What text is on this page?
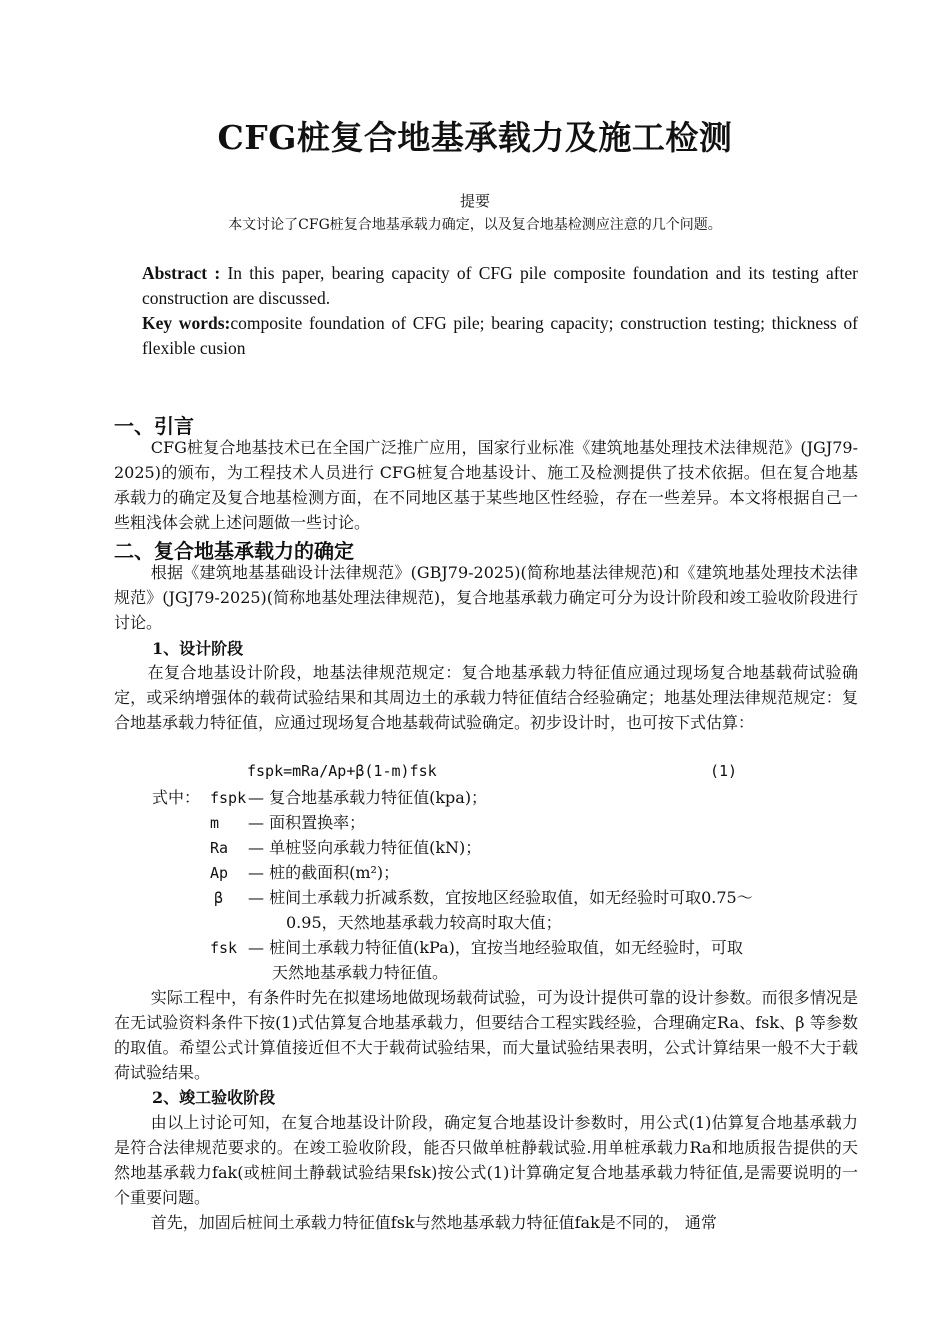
CFG桩复合地基承载力及施工检测
提要
本文讨论了CFG桩复合地基承载力确定，以及复合地基检测应注意的几个问题。

Abstract : In this paper, bearing capacity of CFG pile composite foundation and its testing after construction are discussed.

Key words:composite foundation of CFG pile; bearing capacity; construction testing; thickness of flexible cusion

一、引言

CFG桩复合地基技术已在全国广泛推广应用，国家行业标准《建筑地基处理技术法律规范》(JGJ79-2025)的颁布，为工程技术人员进行 CFG桩复合地基设计、施工及检测提供了技术依据。但在复合地基承载力的确定及复合地基检测方面，在不同地区基于某些地区性经验，存在一些差异。本文将根据自己一些粗浅体会就上述问题做一些讨论。

二、复合地基承载力的确定

根据《建筑地基基础设计法律规范》(GBJ79-2025)(简称地基法律规范)和《建筑地基处理技术法律规范》(JGJ79-2025)(简称地基处理法律规范)，复合地基承载力确定可分为设计阶段和竣工验收阶段进行讨论。

1、设计阶段

在复合地基设计阶段，地基法律规范规定：复合地基承载力特征值应通过现场复合地基载荷试验确定，或采纳增强体的载荷试验结果和其周边土的承载力特征值结合经验确定；地基处理法律规范规定：复合地基承载力特征值，应通过现场复合地基载荷试验确定。初步设计时，也可按下式估算：

fspk=mRa/Ap+β(1-m)fsk	(1)
式中： fspk — 复合地基承载力特征值(kpa)；
m — 面积置换率；
Ra — 单桩竖向承载力特征值(kN)；
Ap — 桩的截面积(m²)；
β — 桩间土承载力折减系数，宜按地区经验取值，如无经验时可取0.75～
0.95，天然地基承载力较高时取大值；
fsk — 桩间土承载力特征值(kPa)，宜按当地经验取值，如无经验时，可取
天然地基承载力特征值。

实际工程中，有条件时先在拟建场地做现场载荷试验，可为设计提供可靠的设计参数。而很多情况是在无试验资料条件下按(1)式估算复合地基承载力，但要结合工程实践经验，合理确定Ra、fsk、β 等参数的取值。希望公式计算值接近但不大于载荷试验结果，而大量试验结果表明，公式计算结果一般不大于载荷试验结果。

2、竣工验收阶段

由以上讨论可知，在复合地基设计阶段，确定复合地基设计参数时，用公式(1)估算复合地基承载力是符合法律规范要求的。在竣工验收阶段，能否只做单桩静载试验.用单桩承载力Ra和地质报告提供的天然地基承载力fak(或桩间土静载试验结果fsk)按公式(1)计算确定复合地基承载力特征值,是需要说明的一个重要问题。

首先，加固后桩间土承载力特征值fsk与然地基承载力特征值fak是不同的， 通常
